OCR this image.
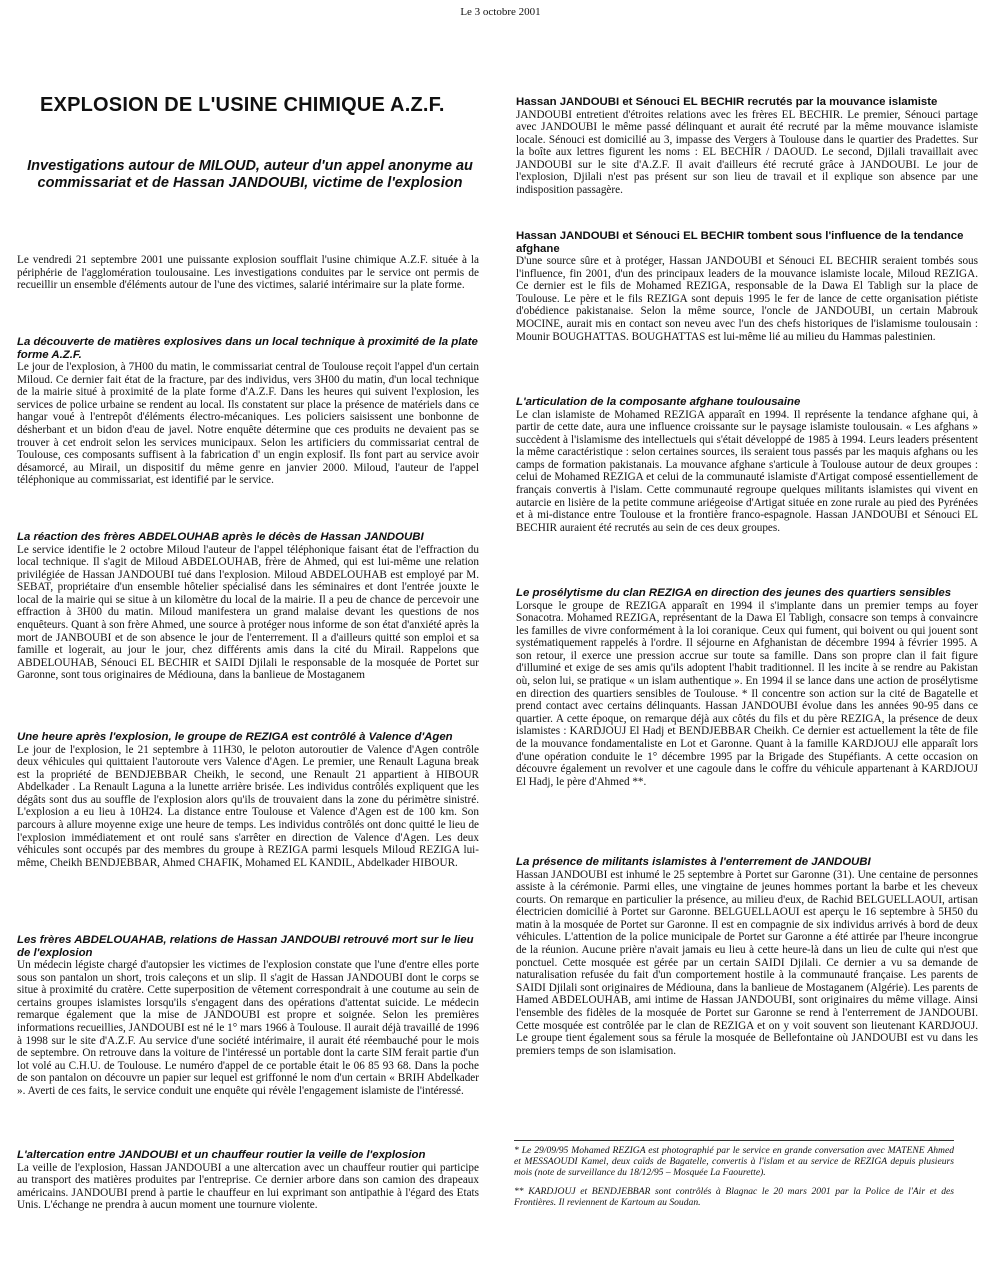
Le 3 octobre 2001
EXPLOSION DE L'USINE CHIMIQUE A.Z.F.
Investigations autour de MILOUD, auteur d'un appel anonyme au commissariat et de Hassan JANDOUBI, victime de l'explosion

Le vendredi 21 septembre 2001 une puissante explosion soufflait l'usine chimique A.Z.F. située à la périphérie de l'agglomération toulousaine. Les investigations conduites par le service ont permis de recueillir un ensemble d'éléments autour de l'une des victimes, salarié intérimaire sur la plate forme.

La découverte de matières explosives dans un local technique à proximité de la plate forme A.Z.F.

Le jour de l'explosion, à 7H00 du matin, le commissariat central de Toulouse reçoit l'appel d'un certain Miloud. Ce dernier fait état de la fracture, par des individus, vers 3H00 du matin, d'un local technique de la mairie situé à proximité de la plate forme d'A.Z.F. Dans les heures qui suivent l'explosion, les services de police urbaine se rendent au local. Ils constatent sur place la présence de matériels dans ce hangar voué à l'entrepôt d'éléments électro-mécaniques. Les policiers saisissent une bonbonne de désherbant et un bidon d'eau de javel. Notre enquête détermine que ces produits ne devaient pas se trouver à cet endroit selon les services municipaux. Selon les artificiers du commissariat central de Toulouse, ces composants suffisent à la fabrication d' un engin explosif. Ils font part au service avoir désamorcé, au Mirail, un dispositif du même genre en janvier 2000. Miloud, l'auteur de l'appel téléphonique au commissariat, est identifié par le service.

La réaction des frères ABDELOUHAB après le décès de Hassan JANDOUBI

Le service identifie le 2 octobre Miloud l'auteur de l'appel téléphonique faisant état de l'effraction du local technique. Il s'agit de Miloud ABDELOUHAB, frère de Ahmed, qui est lui-même une relation privilégiée de Hassan JANDOUBI tué dans l'explosion. Miloud ABDELOUHAB est employé par M. SEBAT, propriétaire d'un ensemble hôtelier spécialisé dans les séminaires et dont l'entrée jouxte le local de la mairie qui se situe à un kilomètre du local de la mairie. Il a peu de chance de percevoir une effraction à 3H00 du matin. Miloud manifestera un grand malaise devant les questions de nos enquêteurs. Quant à son frère Ahmed, une source à protéger nous informe de son état d'anxiété après la mort de JANBOUBI et de son absence le jour de l'enterrement. Il a d'ailleurs quitté son emploi et sa famille et logerait, au jour le jour, chez différents amis dans la cité du Mirail. Rappelons que ABDELOUHAB, Sénouci EL BECHIR et SAIDI Djilali le responsable de la mosquée de Portet sur Garonne, sont tous originaires de Médiouna, dans la banlieue de Mostaganem

Une heure après l'explosion, le groupe de REZIGA est contrôlé à Valence d'Agen

Le jour de l'explosion, le 21 septembre à 11H30, le peloton autoroutier de Valence d'Agen contrôle deux véhicules qui quittaient l'autoroute vers Valence d'Agen. Le premier, une Renault Laguna break est la propriété de BENDJEBBAR Cheikh, le second, une Renault 21 appartient à HIBOUR Abdelkader . La Renault Laguna a la lunette arrière brisée. Les individus contrôlés expliquent que les dégâts sont dus au souffle de l'explosion alors qu'ils de trouvaient dans la zone du périmètre sinistré. L'explosion a eu lieu à 10H24. La distance entre Toulouse et Valence d'Agen est de 100 km. Son parcours à allure moyenne exige une heure de temps. Les individus contrôlés ont donc quitté le lieu de l'explosion immédiatement et ont roulé sans s'arrêter en direction de Valence d'Agen. Les deux véhicules sont occupés par des membres du groupe à REZIGA parmi lesquels Miloud REZIGA lui-même, Cheikh BENDJEBBAR, Ahmed CHAFIK, Mohamed EL KANDIL, Abdelkader HIBOUR.

Les frères ABDELOUAHAB, relations de Hassan JANDOUBI retrouvé mort sur le lieu de l'explosion

Un médecin légiste chargé d'autopsier les victimes de l'explosion constate que l'une d'entre elles porte sous son pantalon un short, trois caleçons et un slip. Il s'agit de Hassan JANDOUBI dont le corps se situe à proximité du cratère. Cette superposition de vêtement correspondrait à une coutume au sein de certains groupes islamistes lorsqu'ils s'engagent dans des opérations d'attentat suicide. Le médecin remarque également que la mise de JANDOUBI est propre et soignée. Selon les premières informations recueillies, JANDOUBI est né le 1° mars 1966 à Toulouse. Il aurait déjà travaillé de 1996 à 1998 sur le site d'A.Z.F. Au service d'une société intérimaire, il aurait été réembauché pour le mois de septembre. On retrouve dans la voiture de l'intéressé un portable dont la carte SIM ferait partie d'un lot volé au C.H.U. de Toulouse. Le numéro d'appel de ce portable était le 06 85 93 68. Dans la poche de son pantalon on découvre un papier sur lequel est griffonné le nom d'un certain « BRIH Abdelkader ». Averti de ces faits, le service conduit une enquête qui révèle l'engagement islamiste de l'intéressé.

L'altercation entre JANDOUBI et un chauffeur routier la veille de l'explosion

La veille de l'explosion, Hassan JANDOUBI a une altercation avec un chauffeur routier qui participe au transport des matières produites par l'entreprise. Ce dernier arbore dans son camion des drapeaux américains. JANDOUBI prend à partie le chauffeur en lui exprimant son antipathie à l'égard des Etats Unis. L'échange ne prendra à aucun moment une tournure violente.

Hassan JANDOUBI et Sénouci EL BECHIR recrutés par la mouvance islamiste

JANDOUBI entretient d'étroites relations avec les frères EL BECHIR. Le premier, Sénouci partage avec JANDOUBI le même passé délinquant et aurait été recruté par la même mouvance islamiste locale. Sénouci est domicilié au 3, impasse des Vergers à Toulouse dans le quartier des Pradettes. Sur la boîte aux lettres figurent les noms : EL BECHIR / DAOUD. Le second, Djilali travaillait avec JANDOUBI sur le site d'A.Z.F. Il avait d'ailleurs été recruté grâce à JANDOUBI. Le jour de l'explosion, Djilali n'est pas présent sur son lieu de travail et il explique son absence par une indisposition passagère.

Hassan JANDOUBI et Sénouci EL BECHIR tombent sous l'influence de la tendance afghane

D'une source sûre et à protéger, Hassan JANDOUBI et Sénouci EL BECHIR seraient tombés sous l'influence, fin 2001, d'un des principaux leaders de la mouvance islamiste locale, Miloud REZIGA. Ce dernier est le fils de Mohamed REZIGA, responsable de la Dawa El Tabligh sur la place de Toulouse. Le père et le fils REZIGA sont depuis 1995 le fer de lance de cette organisation piétiste d'obédience pakistanaise. Selon la même source, l'oncle de JANDOUBI, un certain Mabrouk MOCINE, aurait mis en contact son neveu avec l'un des chefs historiques de l'islamisme toulousain : Mounir BOUGHATTAS. BOUGHATTAS est lui-même lié au milieu du Hammas palestinien.

L'articulation de la composante afghane toulousaine

Le clan islamiste de Mohamed REZIGA apparaît en 1994. Il représente la tendance afghane qui, à partir de cette date, aura une influence croissante sur le paysage islamiste toulousain. « Les afghans » succèdent à l'islamisme des intellectuels qui s'était développé de 1985 à 1994. Leurs leaders présentent la même caractéristique : selon certaines sources, ils seraient tous passés par les maquis afghans ou les camps de formation pakistanais. La mouvance afghane s'articule à Toulouse autour de deux groupes : celui de Mohamed REZIGA et celui de la communauté islamiste d'Artigat composé essentiellement de français convertis à l'islam. Cette communauté regroupe quelques militants islamistes qui vivent en autarcie en lisière de la petite commune ariégeoise d'Artigat située en zone rurale au pied des Pyrénées et à mi-distance entre Toulouse et la frontière franco-espagnole. Hassan JANDOUBI et Sénouci EL BECHIR auraient été recrutés au sein de ces deux groupes.

Le prosélytisme du clan REZIGA en direction des jeunes des quartiers sensibles

Lorsque le groupe de REZIGA apparaît en 1994 il s'implante dans un premier temps au foyer Sonacotra. Mohamed REZIGA, représentant de la Dawa El Tabligh, consacre son temps à convaincre les familles de vivre conformément à la loi coranique. Ceux qui fument, qui boivent ou qui jouent sont systématiquement rappelés à l'ordre. Il séjourne en Afghanistan de décembre 1994 à février 1995. A son retour, il exerce une pression accrue sur toute sa famille. Dans son propre clan il fait figure d'illuminé et exige de ses amis qu'ils adoptent l'habit traditionnel. Il les incite à se rendre au Pakistan où, selon lui, se pratique « un islam authentique ». En 1994 il se lance dans une action de prosélytisme en direction des quartiers sensibles de Toulouse. * Il concentre son action sur la cité de Bagatelle et prend contact avec certains délinquants. Hassan JANDOUBI évolue dans les années 90-95 dans ce quartier. A cette époque, on remarque déjà aux côtés du fils et du père REZIGA, la présence de deux islamistes : KARDJOUJ El Hadj et BENDJEBBAR Cheikh. Ce dernier est actuellement la tête de file de la mouvance fondamentaliste en Lot et Garonne. Quant à la famille KARDJOUJ elle apparaît lors d'une opération conduite le 1° décembre 1995 par la Brigade des Stupéfiants. A cette occasion on découvre également un revolver et une cagoule dans le coffre du véhicule appartenant à KARDJOUJ El Hadj, le père d'Ahmed **.

La présence de militants islamistes à l'enterrement de JANDOUBI

Hassan JANDOUBI est inhumé le 25 septembre à Portet sur Garonne (31). Une centaine de personnes assiste à la cérémonie. Parmi elles, une vingtaine de jeunes hommes portant la barbe et les cheveux courts. On remarque en particulier la présence, au milieu d'eux, de Rachid BELGUELLAOUI, artisan électricien domicilié à Portet sur Garonne. BELGUELLAOUI est aperçu le 16 septembre à 5H50 du matin à la mosquée de Portet sur Garonne. Il est en compagnie de six individus arrivés à bord de deux véhicules. L'attention de la police municipale de Portet sur Garonne a été attirée par l'heure incongrue de la réunion. Aucune prière n'avait jamais eu lieu à cette heure-là dans un lieu de culte qui n'est que ponctuel. Cette mosquée est gérée par un certain SAIDI Djilali. Ce dernier a vu sa demande de naturalisation refusée du fait d'un comportement hostile à la communauté française. Les parents de SAIDI Djilali sont originaires de Médiouna, dans la banlieue de Mostaganem (Algérie). Les parents de Hamed ABDELOUHAB, ami intime de Hassan JANDOUBI, sont originaires du même village. Ainsi l'ensemble des fidèles de la mosquée de Portet sur Garonne se rend à l'enterrement de JANDOUBI. Cette mosquée est contrôlée par le clan de REZIGA et on y voit souvent son lieutenant KARDJOUJ. Le groupe tient également sous sa férule la mosquée de Bellefontaine où JANDOUBI est vu dans les premiers temps de son islamisation.

* Le 29/09/95 Mohamed REZIGA est photographié par le service en grande conversation avec MATENE Ahmed et MESSAOUDI Kamel, deux caïds de Bagatelle, convertis à l'islam et au service de REZIGA depuis plusieurs mois (note de surveillance du 18/12/95 – Mosquée La Faourette).

** KARDJOUJ et BENDJEBBAR sont contrôlés à Blagnac le 20 mars 2001 par la Police de l'Air et des Frontières. Il reviennent de Kartoum au Soudan.
